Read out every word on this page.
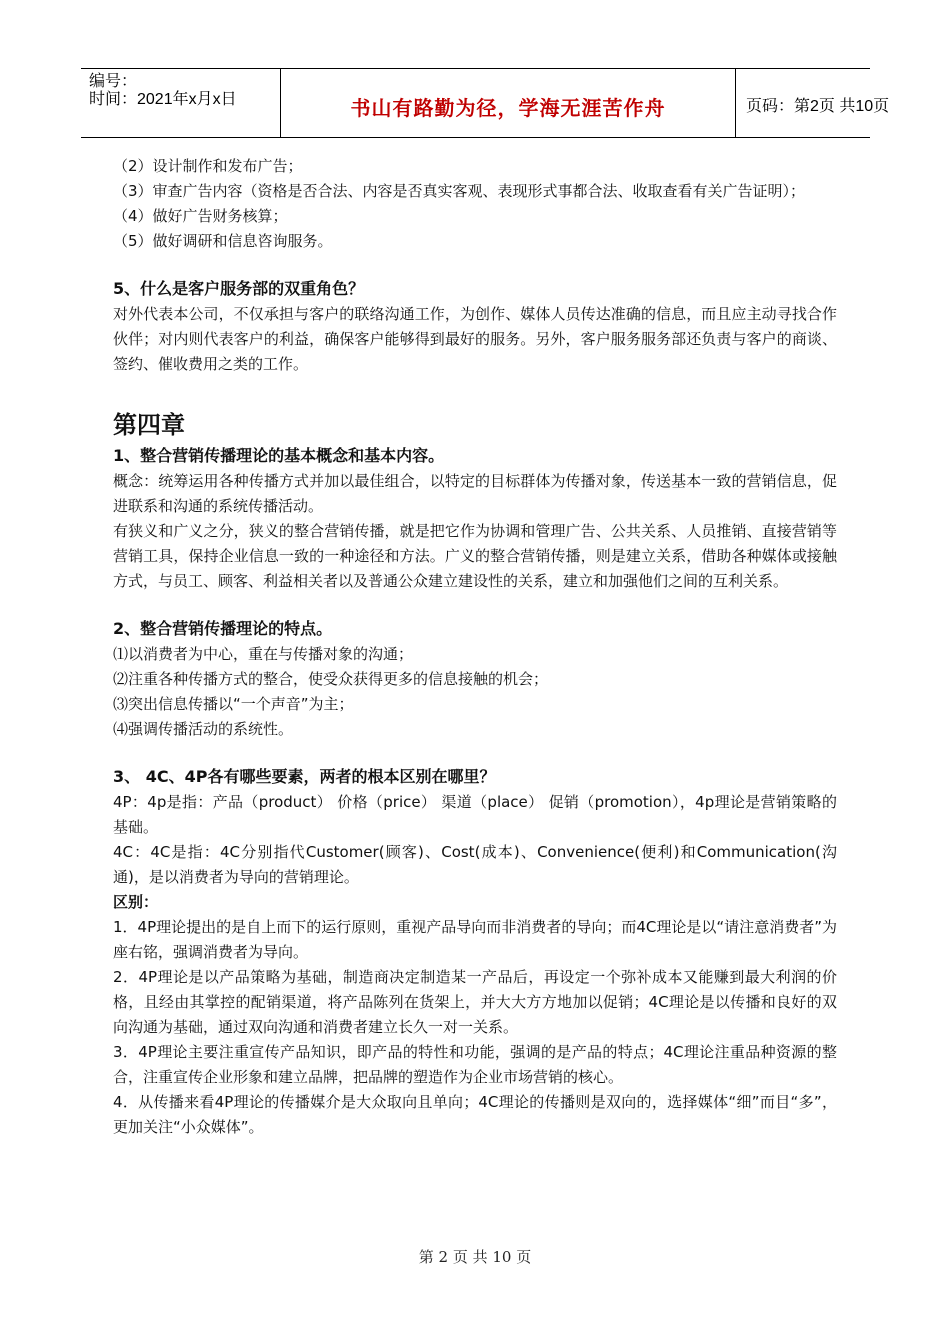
编号：
时间：2021年x月x日	书山有路勤为径，学海无涯苦作舟	页码：第2页 共10页

（2）设计制作和发布广告；

（3）审查广告内容（资格是否合法、内容是否真实客观、表现形式事都合法、收取查看有关广告证明）；

（4）做好广告财务核算；

（5）做好调研和信息咨询服务。

5、什么是客户服务部的双重角色？

对外代表本公司，不仅承担与客户的联络沟通工作，为创作、媒体人员传达准确的信息，而且应主动寻找合作伙伴；对内则代表客户的利益，确保客户能够得到最好的服务。另外，客户服务服务部还负责与客户的商谈、签约、催收费用之类的工作。

第四章

1、整合营销传播理论的基本概念和基本内容。

概念：统筹运用各种传播方式并加以最佳组合，以特定的目标群体为传播对象，传送基本一致的营销信息，促进联系和沟通的系统传播活动。

有狭义和广义之分，狭义的整合营销传播，就是把它作为协调和管理广告、公共关系、人员推销、直接营销等营销工具，保持企业信息一致的一种途径和方法。广义的整合营销传播，则是建立关系，借助各种媒体或接触方式，与员工、顾客、利益相关者以及普通公众建立建设性的关系，建立和加强他们之间的互利关系。

2、整合营销传播理论的特点。

⑴以消费者为中心，重在与传播对象的沟通；

⑵注重各种传播方式的整合，使受众获得更多的信息接触的机会；

⑶突出信息传播以“一个声音”为主；

⑷强调传播活动的系统性。

3、 4C、4P各有哪些要素，两者的根本区别在哪里？

4P：4p是指：产品（product） 价格（price） 渠道（place） 促销（promotion），4p理论是营销策略的基础。

4C：4C是指：4C分别指代Customer(顾客)、Cost(成本)、Convenience(便利)和Communication(沟通)，是以消费者为导向的营销理论。

区别：

1．4P理论提出的是自上而下的运行原则，重视产品导向而非消费者的导向；而4C理论是以“请注意消费者”为座右铭，强调消费者为导向。

2．4P理论是以产品策略为基础，制造商决定制造某一产品后，再设定一个弥补成本又能赚到最大利润的价格，且经由其掌控的配销渠道，将产品陈列在货架上，并大大方方地加以促销；4C理论是以传播和良好的双向沟通为基础，通过双向沟通和消费者建立长久一对一关系。

3．4P理论主要注重宣传产品知识，即产品的特性和功能，强调的是产品的特点；4C理论注重品种资源的整合，注重宣传企业形象和建立品牌，把品牌的塑造作为企业市场营销的核心。

4．从传播来看4P理论的传播媒介是大众取向且单向；4C理论的传播则是双向的，选择媒体“细”而目“多”，更加关注“小众媒体”。

第 2 页 共 10 页
